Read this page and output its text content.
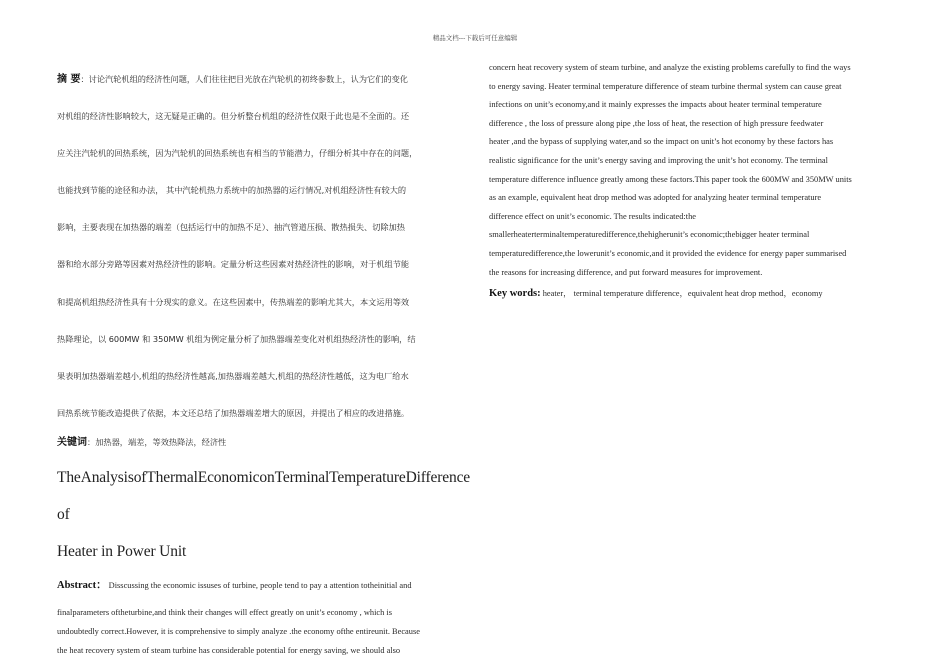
精品文档---下载后可任意编辑
摘 要：讨论汽轮机组的经济性问题，人们往往把目光放在汽轮机的初终参数上，认为它们的变化
对机组的经济性影响较大，这无疑是正确的。但分析整台机组的经济性仅限于此也是不全面的。还
应关注汽轮机的回热系统，因为汽轮机的回热系统也有相当的节能潜力，仔细分析其中存在的问题，
也能找到节能的途径和办法， 其中汽轮机热力系统中的加热器的运行情况,对机组经济性有较大的
影响，主要表现在加热器的端差（包括运行中的加热不足）、抽汽管道压损、散热损失、切除加热
器和给水部分旁路等因素对热经济性的影响。定量分析这些因素对热经济性的影响，对于机组节能
和提高机组热经济性具有十分现实的意义。在这些因素中，传热端差的影响尤其大，本文运用等效
热降理论，以 600MW 和 350MW 机组为例定量分析了加热器端差变化对机组热经济性的影响，结
果表明加热器端差越小,机组的热经济性越高,加热器端差越大,机组的热经济性越低，这为电厂给水
回热系统节能改造提供了依据，本文还总结了加热器端差增大的原因，并提出了相应的改进措施。

关键词：加热器，端差，等效热降法，经济性

TheAnalysisofThermalEconomiconTerminalTemperatureDifference of

Heater in Power Unit

Abstract： Disscussing the economic issuses of turbine, people tend to pay a attention totheinitial and
finalparameters oftheturbine,and think their changes will effect greatly on unit’s economy , which is
undoubtedly correct.However, it is comprehensive to simply analyze .the economy ofthe entireunit. Because
the heat recovery system of steam turbine has considerable potential for energy saving, we should also
concern heat recovery system of steam turbine, and analyze the existing problems carefully to find the ways
to energy saving. Heater terminal temperature difference of steam turbine thermal system can cause great
infections on unit’s economy,and it mainly expresses the impacts about heater terminal temperature
difference , the loss of pressure along pipe ,the loss of heat, the resection of high pressure feedwater
heater ,and the bypass of supplying water,and so the impact on unit’s hot economy by these factors has
realistic significance for the unit’s energy saving and improving the unit’s hot economy. The terminal
temperature difference influence greatly among these factors.This paper took the 600MW and 350MW units
as an example, equivalent heat drop method was adopted for analyzing heater terminal temperature
difference effect on unit’s economic. The results indicated:the
smallerheaterterminaltemperaturedifference,thehigherunit’s economic;thebigger heater terminal
temperaturedifference,the lowerunit’s economic,and it provided the evidence for energy paper summarised
the reasons for increasing difference, and put forward measures for improvement.

Key words: heater， terminal temperature difference，equivalent heat drop method，economy
